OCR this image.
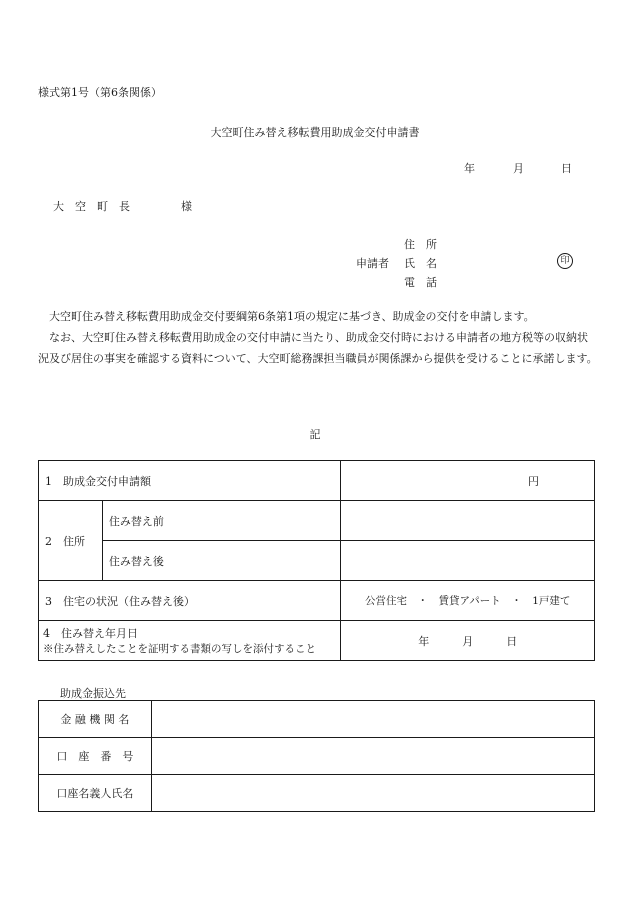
様式第1号（第6条関係）
大空町住み替え移転費用助成金交付申請書
年	月	日
大　空　町　長	様
住　所
申請者 氏　名
電　話
印

大空町住み替え移転費用助成金交付要綱第6条第1項の規定に基づき、助成金の交付を申請します。

なお、大空町住み替え移転費用助成金の交付申請に当たり、助成金交付時における申請者の地方税等の収納状況及び居住の事実を確認する資料について、大空町総務課担当職員が関係課から提供を受けることに承諾します。

記
1　助成金交付申請額		円
2　住所	住み替え前	
	住み替え後	
3　住宅の状況（住み替え後）		公営住宅　・　賃貸アパート　・　1戸建て

4　住み替え年月日
※住み替えしたことを証明する書類の写しを添付すること		年　　　月　　　日
助成金振込先
金 融 機 関 名	
口　座　番　号	
口座名義人氏名	
